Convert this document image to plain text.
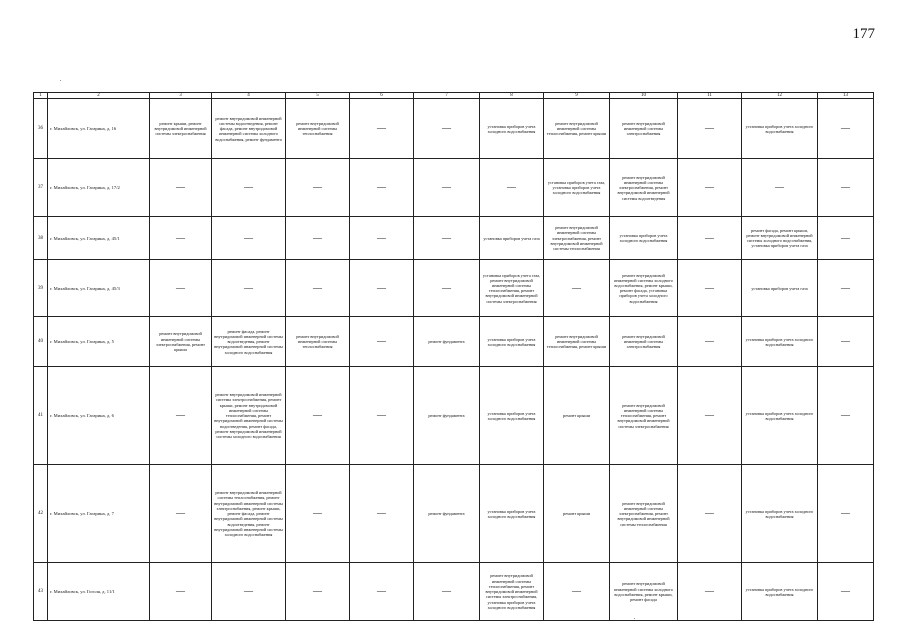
177
1	2	3	4	5	6	7	8	9	10	11	12	13
36	г. Михайловск, ул. Гагарина, д. 16	ремонт крыши, ремонт внутридомовой инженерной системы электроснабжения	ремонт внутридомовой инженерной системы водоотведения, ремонт фасада, ремонт внутридомовой инженерной системы холодного водоснабжения, ремонт фундамента	ремонт внутридомовой инженерной системы теплоснабжения	—	—	установка приборов учета холодного водоснабжения	ремонт внутридомовой инженерной системы теплоснабжения, ремонт крыши	ремонт внутридомовой инженерной системы электроснабжения	—	установка приборов учета холодного водоснабжения	—
37	г. Михайловск, ул. Гагарина, д. 17/2	—	—	—	—	—	—	установка приборов учета газа, установка приборов учета холодного водоснабжения	ремонт внутридомовой инженерной системы электроснабжения, ремонт внутридомовой инженерной системы водоотведения	—	—	—
38	г. Михайловск, ул. Гагарина, д. 45/1	—	—	—	—	—	установка приборов учета газа	ремонт внутридомовой инженерной системы электроснабжения, ремонт внутридомовой инженерной системы теплоснабжения	установка приборов учета холодного водоснабжения	—	ремонт фасада, ремонт крыши, ремонт внутридомовой инженерной системы холодного водоснабжения, установка приборов учета газа	—
39	г. Михайловск, ул. Гагарина, д. 45/3	—	—	—	—	—	установка приборов учета газа, ремонт внутридомовой инженерной системы теплоснабжения, ремонт внутридомовой инженерной системы электроснабжения	—	ремонт внутридомовой инженерной системы холодного водоснабжения, ремонт крыши, ремонт фасада, установка приборов учета холодного водоснабжения	—	установка приборов учета газа	—
40	г. Михайловск, ул. Гагарина, д. 5	ремонт внутридомовой инженерной системы электроснабжения, ремонт крыши	ремонт фасада, ремонт внутридомовой инженерной системы водоотведения, ремонт внутридомовой инженерной системы холодного водоснабжения	ремонт внутридомовой инженерной системы теплоснабжения	—	ремонт фундамента	установка приборов учета холодного водоснабжения	ремонт внутридомовой инженерной системы теплоснабжения, ремонт крыши	ремонт внутридомовой инженерной системы электроснабжения	—	установка приборов учета холодного водоснабжения	—
41	г. Михайловск, ул. Гагарина, д. 6	—	ремонт внутридомовой инженерной системы электроснабжения, ремонт крыши, ремонт внутридомовой инженерной системы теплоснабжения, ремонт внутридомовой инженерной системы водоотведения, ремонт фасада, ремонт внутридомовой инженерной системы холодного водоснабжения	—	—	ремонт фундамента	установка приборов учета холодного водоснабжения	ремонт крыши	ремонт внутридомовой инженерной системы теплоснабжения, ремонт внутридомовой инженерной системы электроснабжения	—	установка приборов учета холодного водоснабжения	—
42	г. Михайловск, ул. Гагарина, д. 7	—	ремонт внутридомовой инженерной системы теплоснабжения, ремонт внутридомовой инженерной системы электроснабжения, ремонт крыши, ремонт фасада, ремонт внутридомовой инженерной системы водоотведения, ремонт внутридомовой инженерной системы холодного водоснабжения	—	—	ремонт фундамента	установка приборов учета холодного водоснабжения	ремонт крыши	ремонт внутридомовой инженерной системы электроснабжения, ремонт внутридомовой инженерной системы теплоснабжения	—	установка приборов учета холодного водоснабжения	—
43	г. Михайловск, ул. Гоголя, д. 11/1	—	—	—	—	—	ремонт внутридомовой инженерной системы теплоснабжения, ремонт внутридомовой инженерной системы электроснабжения, установка приборов учета холодного водоснабжения	—	ремонт внутридомовой инженерной системы холодного водоснабжения, ремонт крыши, ремонт фасада	—	установка приборов учета холодного водоснабжения	—
